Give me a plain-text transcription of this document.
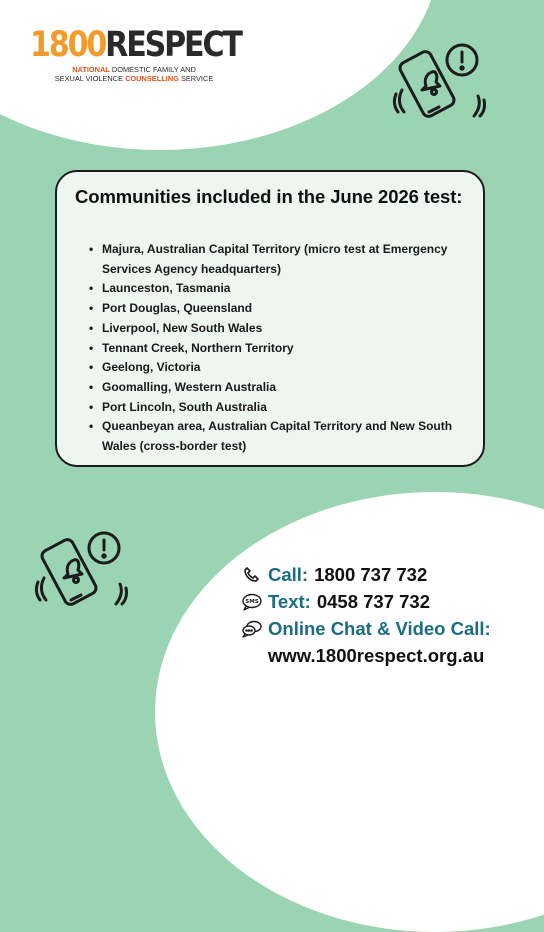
1800RESPECT
NATIONAL DOMESTIC FAMILY AND
SEXUAL VIOLENCE COUNSELLING SERVICE
Communities included in the June 2026 test:
• Majura, Australian Capital Territory (micro test at Emergency Services Agency headquarters)
• Launceston, Tasmania
• Port Douglas, Queensland
• Liverpool, New South Wales
• Tennant Creek, Northern Territory
• Geelong, Victoria
• Goomalling, Western Australia
• Port Lincoln, South Australia
• Queanbeyan area, Australian Capital Territory and New South Wales (cross-border test)
Call: 1800 737 732
SMS Text: 0458 737 732
Online Chat & Video Call:
www.1800respect.org.au
